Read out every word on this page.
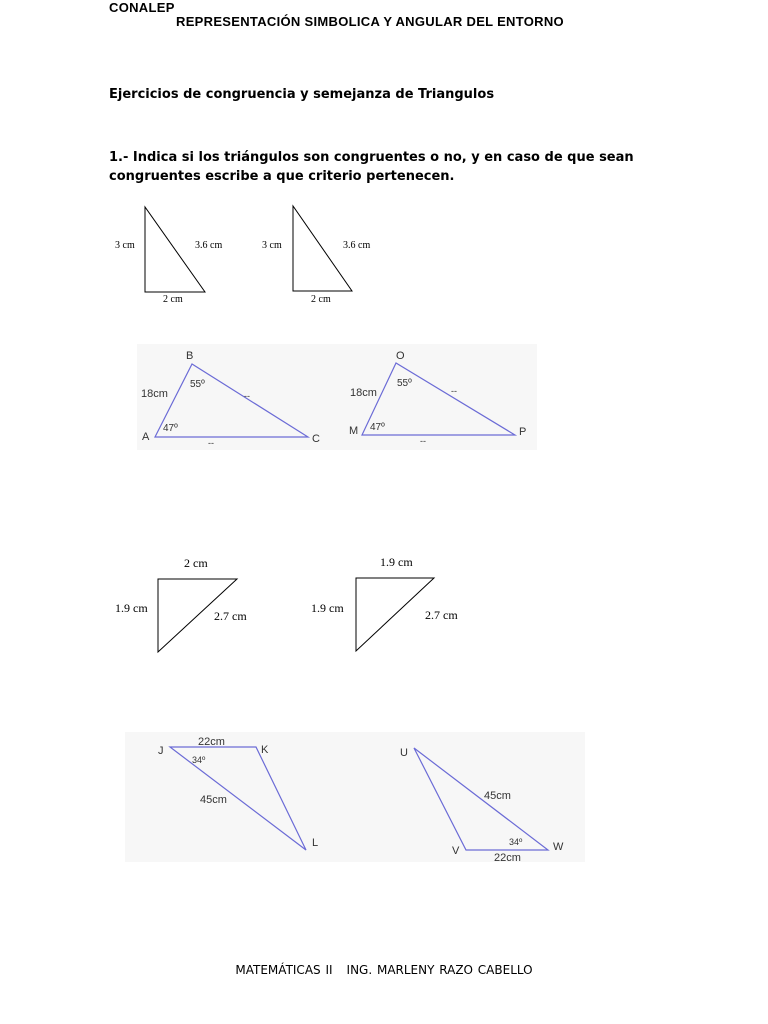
CONALEP
REPRESENTACIÓN SIMBOLICA Y ANGULAR DEL ENTORNO
Ejercicios de congruencia y semejanza de Triangulos
1.- Indica si los triángulos son congruentes o no, y en caso de que sean congruentes escribe a que criterio pertenecen.
3 cm	3.6 cm
2 cm
3 cm	3.6 cm
2 cm
B
A	C
18cm
55º
47º
--
--
O
M	P
18cm
55º
47º
--
--
2 cm
1.9 cm
2.7 cm
1.9 cm
1.9 cm	2.7 cm
J	K
L
22cm
34º
45cm
U
V	W
45cm
34º
22cm
MATEMÁTICAS II ING. MARLENY RAZO CABELLO
